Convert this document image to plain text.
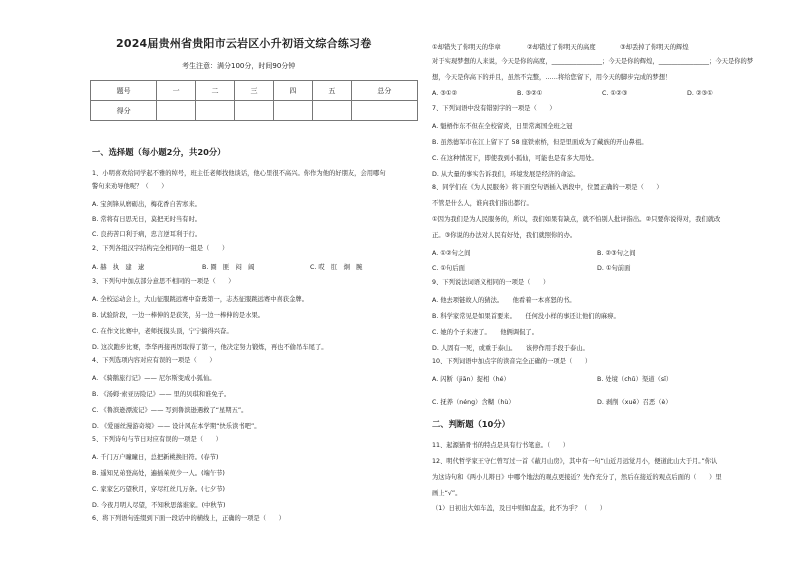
2024届贵州省贵阳市云岩区小升初语文综合练习卷
考生注意：满分100分，时间90分钟
题号	一	二	三	四	五	总分
得分						
一、选择题（每小题2分，共20分）
1、小明喜欢给同学起不雅的绰号，班主任老师找他谈话，他心里很不高兴。你作为他的好朋友，会用哪句
警句来劝导他呢？（　　）
A. 宝剑锋从磨砺出，梅花香自苦寒来。
B. 常将有日思无日，莫把无时当有时。
C. 良药苦口利于病，忠言逆耳利于行。
2、下列各组汉字结构完全相同的一组是（　　）
A. 赫　执　建　逮	B. 圈　匪　闷　阔	C. 哎　肛　炯　腕
3、下列句中加点部分意思不相同的一项是（　　）
A. 全校运动会上，大山征服跳远赛中奋勇第一，志杰征服跳远赛中喜获金牌。
B. 试验阶段，一边一棒伸的是获笑，另一边一棒伸的是水果。
C. 在作文比赛中，老师抚摸头顶，宁宁搞得兴奋。
D. 这次跑步比赛，李华再接再厉取得了第一，他决定努力锻炼，再也不偷吊车尾了。
4、下列选项内容对应有误的一项是（　　）
A. 《骑鹅旅行记》—— 尼尔斯变成小狐仙。
B. 《汤姆·索亚历险记》—— 里的贝琪和谁免子。
C. 《鲁滨逊漂流记》—— 写到鲁滨逊遇救了“星期五”。
D. 《爱丽丝漫游奇境》—— 设计风在本学期“快乐读书吧”。
5、下列诗句与节日对应有误的一项是（　　）
A. 千门万户曈曈日，总把新桃换旧符。(春节)
B. 遥知兄弟登高处，遍插茱萸少一人。(端午节)
C. 家家乞巧望秋月，穿尽红丝几万条。(七夕节)
D. 今夜月明人尽望，不知秋思落谁家。(中秋节)
6、将下列语句连缀到下面一段话中的横线上，正确的一项是（　　）
①却错失了你明天的华章	②却错过了你明天的高度	③却丢掉了你明天的辉煌
对于实现梦想的人来说，今天是你的高度，________________；今天是你的辉煌，________________；今天是你的梦
想，今天是你高下的并且，虽然不完整，……将给您留下，用今天的脚步完成的梦想！
A. ③①②	B. ③②①	C. ①②③	D. ②③①
7、下列词语中没有错别字的一项是（　　）
A. 魁梧作东不但在全校留炎，日里常离国全班之冠
B. 虽然德军市在江上留下了 58 座铁索桥，但是里面成为了藏族的开山鼻祖。
C. 在这种情况下，即使我到小狐仙，可能也是有多大用处。
D. 从大量的事实告诉我们，环境发展是经济的命运。
8、同学们在《为人民服务》将下面空句语插入语段中，位置正确的一项是（　　）
不管是什么人，谁向我们指出都行。
①因为我们是为人民服务的，所以，我们如果有缺点，就不怕别人批评指出。②只要你说得对，我们就改
正。③你说的办法对人民有好处，我们就照你的办。
A. ①②句之间	B. ②③句之间
C. ①句后面	D. ①句前面
9、下列说法词语义相同的一项是（　　）
A. 他去项链故人的猜法。　　他看着一本喜怒的书。
B. 科学家常见是如果首要来。　　任何没小样的事还让他们的麻痹。
C. 她的个子来凄了。　　他俩调侃了。
D. 人固有一死，或重于泰山。　　该停作用手段于泰山。
10、下列词语中加点字的读音完全正确的一项是（　　）
A. 闪断（jiān）捉相（hé）	B. 处境（chǔ）渠道（sī）
C. 抚养（néng）含糊（hù）	D. 剥削（xuē）召恶（è）
二、判断题（10分）
11、起源猫骨书的特点是具有行书笔意。（　　）
12、明代哲学家王守仁曾写过一首《蔽月山房》，其中有一句“山近月远觉月小，便道此山大于月。”你认
为这诗句和《两小儿辩日》中哪个地法的观点更接近？先作充分了，然后在接近的观点后面的（　　）里
画上“√”。
（1）日初出大如车盖，及日中则如盘盂，此不为乎？（　　）
